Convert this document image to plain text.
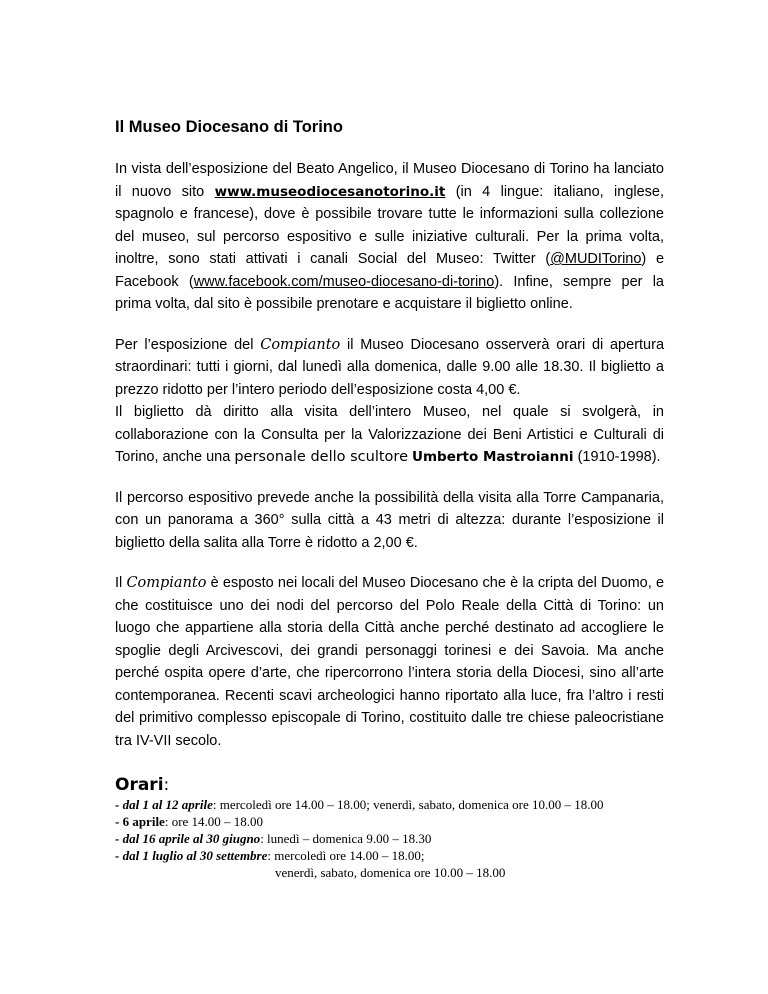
Il Museo Diocesano di Torino

In vista dell’esposizione del Beato Angelico, il Museo Diocesano di Torino ha lanciato il nuovo sito www.museodiocesanotorino.it (in 4 lingue: italiano, inglese, spagnolo e francese), dove è possibile trovare tutte le informazioni sulla collezione del museo, sul percorso espositivo e sulle iniziative culturali. Per la prima volta, inoltre, sono stati attivati i canali Social del Museo: Twitter (@MUDITorino) e Facebook (www.facebook.com/museo-diocesano-di-torino). Infine, sempre per la prima volta, dal sito è possibile prenotare e acquistare il biglietto online.

Per l’esposizione del Compianto il Museo Diocesano osserverà orari di apertura straordinari: tutti i giorni, dal lunedì alla domenica, dalle 9.00 alle 18.30. Il biglietto a prezzo ridotto per l’intero periodo dell’esposizione costa 4,00 €.

Il biglietto dà diritto alla visita dell’intero Museo, nel quale si svolgerà, in collaborazione con la Consulta per la Valorizzazione dei Beni Artistici e Culturali di Torino, anche una personale dello scultore Umberto Mastroianni (1910-1998).

Il percorso espositivo prevede anche la possibilità della visita alla Torre Campanaria, con un panorama a 360° sulla città a 43 metri di altezza: durante l’esposizione il biglietto della salita alla Torre è ridotto a 2,00 €.

Il Compianto è esposto nei locali del Museo Diocesano che è la cripta del Duomo, e che costituisce uno dei nodi del percorso del Polo Reale della Città di Torino: un luogo che appartiene alla storia della Città anche perché destinato ad accogliere le spoglie degli Arcivescovi, dei grandi personaggi torinesi e dei Savoia. Ma anche perché ospita opere d’arte, che ripercorrono l’intera storia della Diocesi, sino all’arte contemporanea. Recenti scavi archeologici hanno riportato alla luce, fra l’altro i resti del primitivo complesso episcopale di Torino, costituito dalle tre chiese paleocristiane tra IV-VII secolo.

Orari:
- dal 1 al 12 aprile: mercoledì ore 14.00 – 18.00; venerdì, sabato, domenica ore 10.00 – 18.00
- 6 aprile: ore 14.00 – 18.00
- dal 16 aprile al 30 giugno: lunedì – domenica 9.00 – 18.30
- dal 1 luglio al 30 settembre: mercoledì ore 14.00 – 18.00;
venerdì, sabato, domenica ore 10.00 – 18.00
